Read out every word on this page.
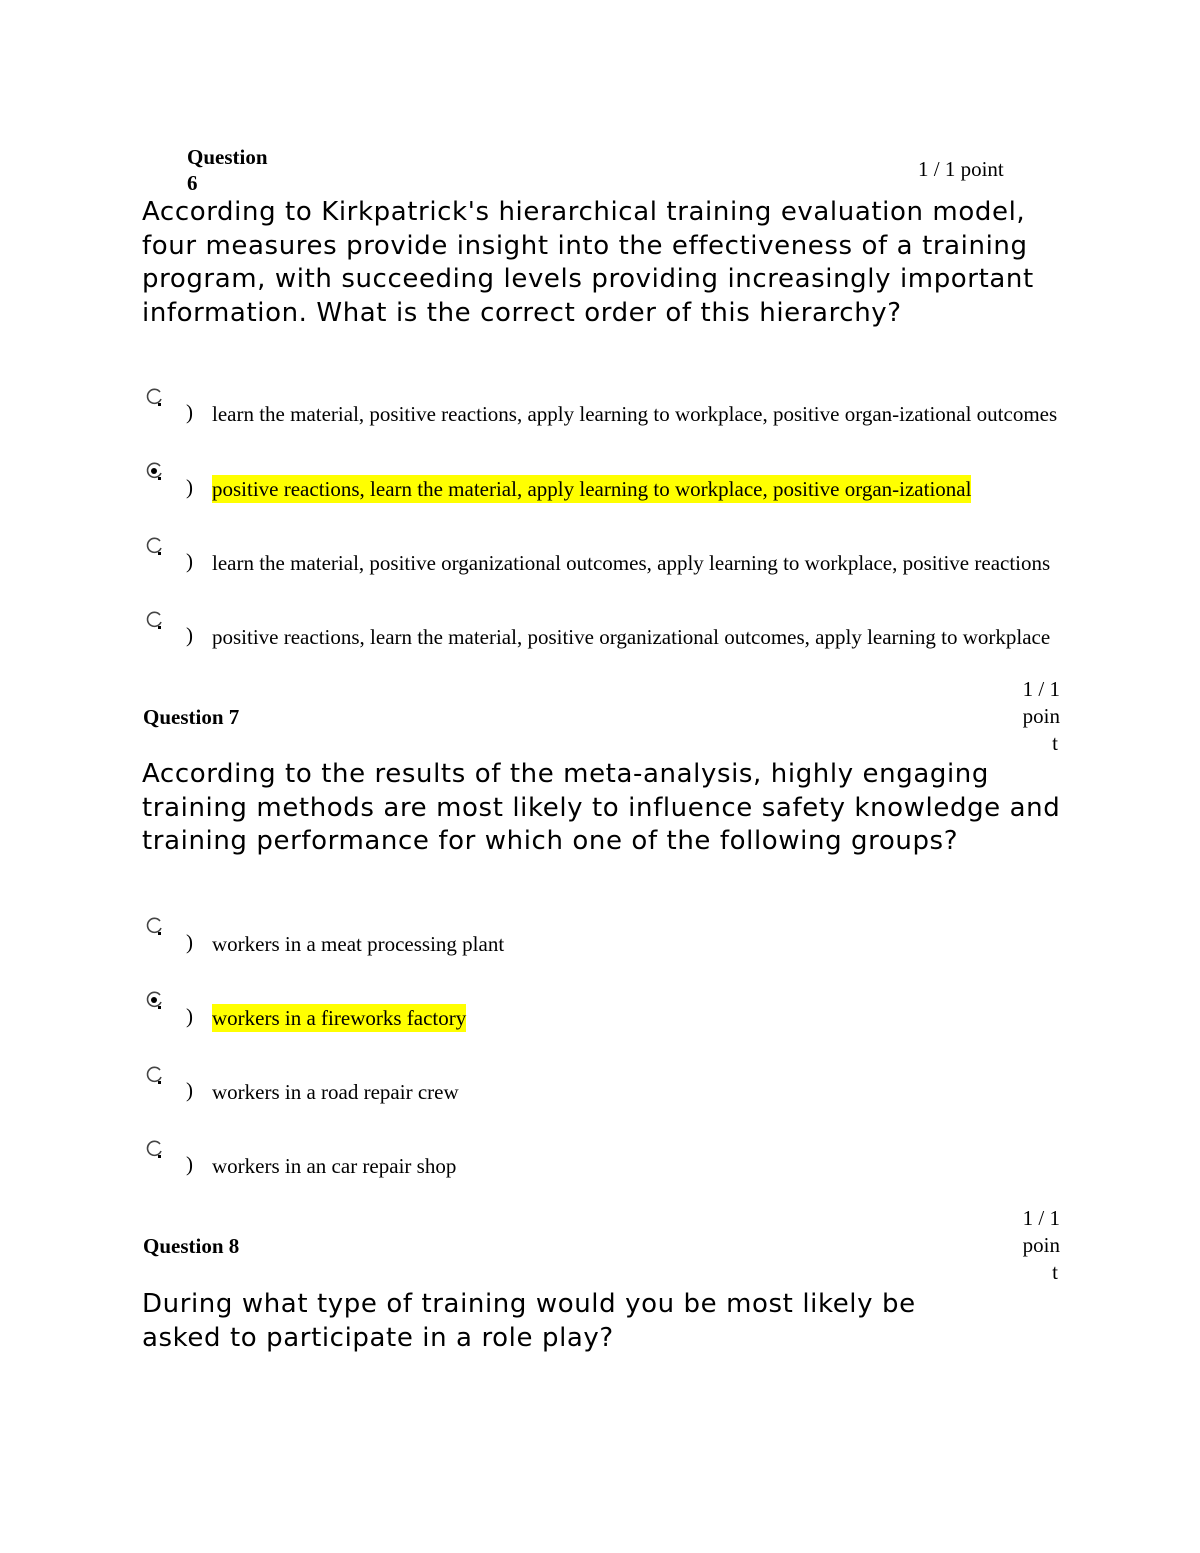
Question
6
1 / 1 point
According to Kirkpatrick's hierarchical training evaluation model, four measures provide insight into the effectiveness of a training program, with succeeding levels providing increasingly important information. What is the correct order of this hierarchy?
) learn the material, positive reactions, apply learning to workplace, positive organ-izational outcomes
) positive reactions, learn the material, apply learning to workplace, positive organ-izational
) learn the material, positive organizational outcomes, apply learning to workplace, positive reactions
) positive reactions, learn the material, positive organizational outcomes, apply learning to workplace
Question 7
1 / 1
poin
t
According to the results of the meta-analysis, highly engaging training methods are most likely to influence safety knowledge and training performance for which one of the following groups?
) workers in a meat processing plant
) workers in a fireworks factory
) workers in a road repair crew
) workers in an car repair shop
Question 8
1 / 1
poin
t
During what type of training would you be most likely be asked to participate in a role play?
